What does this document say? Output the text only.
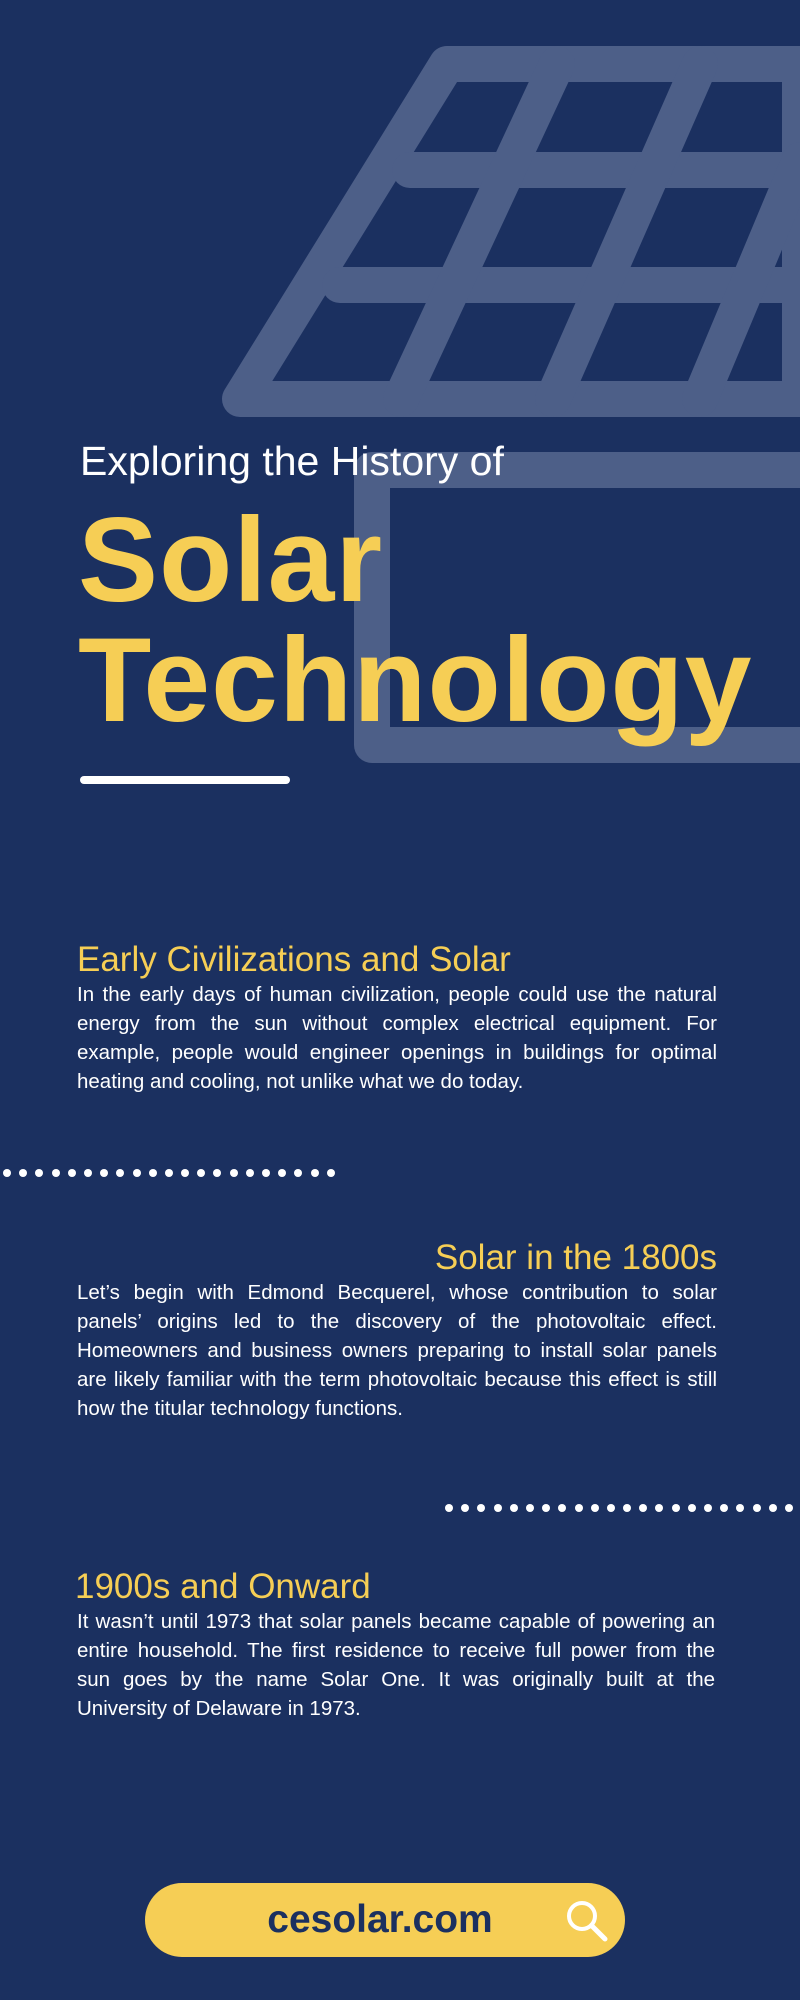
Exploring the History of
Solar
Technology
Early Civilizations and Solar

In the early days of human civilization, people could use the natural energy from the sun without complex electrical equipment. For example, people would engineer openings in buildings for optimal heating and cooling, not unlike what we do today.

Solar in the 1800s

Let’s begin with Edmond Becquerel, whose contribution to solar panels’ origins led to the discovery of the photovoltaic effect. Homeowners and business owners preparing to install solar panels are likely familiar with the term photovoltaic because this effect is still how the titular technology functions.

1900s and Onward

It wasn’t until 1973 that solar panels became capable of powering an entire household. The first residence to receive full power from the sun goes by the name Solar One. It was originally built at the University of Delaware in 1973.

cesolar.com
